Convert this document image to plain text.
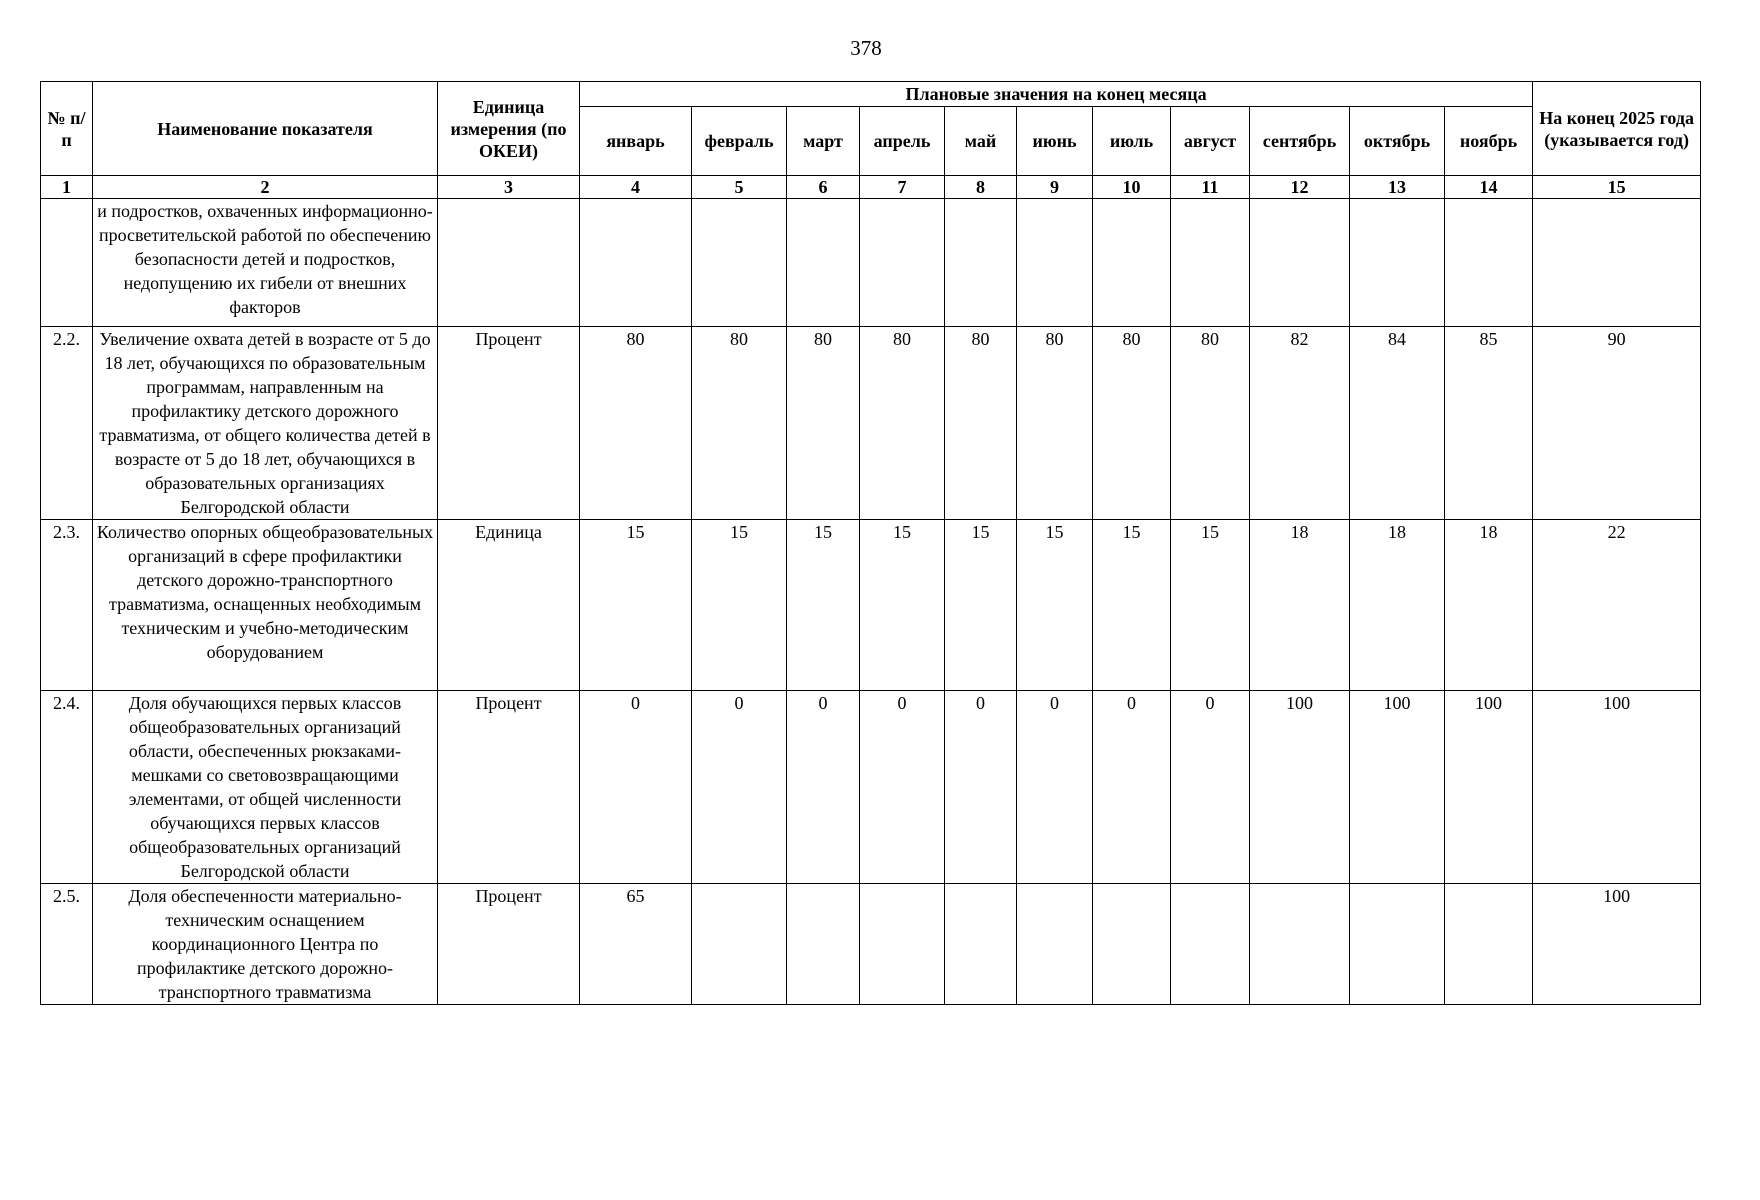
378
№ п/п	Наименование показателя	Единица измерения (по ОКЕИ)	Плановые значения на конец месяца											На конец 2025 года (указывается год)
			январь	февраль	март	апрель	май	июнь	июль	август	сентябрь	октябрь	ноябрь	
1	2	3	4	5	6	7	8	9	10	11	12	13	14	15
	и подростков, охваченных информационно-просветительской работой по обеспечению безопасности детей и подростков, недопущению их гибели от внешних факторов													
2.2.	Увеличение охвата детей в возрасте от 5 до 18 лет, обучающихся по образовательным программам, направленным на профилактику детского дорожного травматизма, от общего количества детей в возрасте от 5 до 18 лет, обучающихся в образовательных организациях Белгородской области	Процент	80	80	80	80	80	80	80	80	82	84	85	90
2.3.	Количество опорных общеобразовательных организаций в сфере профилактики детского дорожно-транспортного травматизма, оснащенных необходимым техническим и учебно-методическим оборудованием	Единица	15	15	15	15	15	15	15	15	18	18	18	22
2.4.	Доля обучающихся первых классов общеобразовательных организаций области, обеспеченных рюкзаками-мешками со световозвращающими элементами, от общей численности обучающихся первых классов общеобразовательных организаций Белгородской области	Процент	0	0	0	0	0	0	0	0	100	100	100	100
2.5.	Доля обеспеченности материально-техническим оснащением координационного Центра по профилактике детского дорожно-транспортного травматизма	Процент	65											100
